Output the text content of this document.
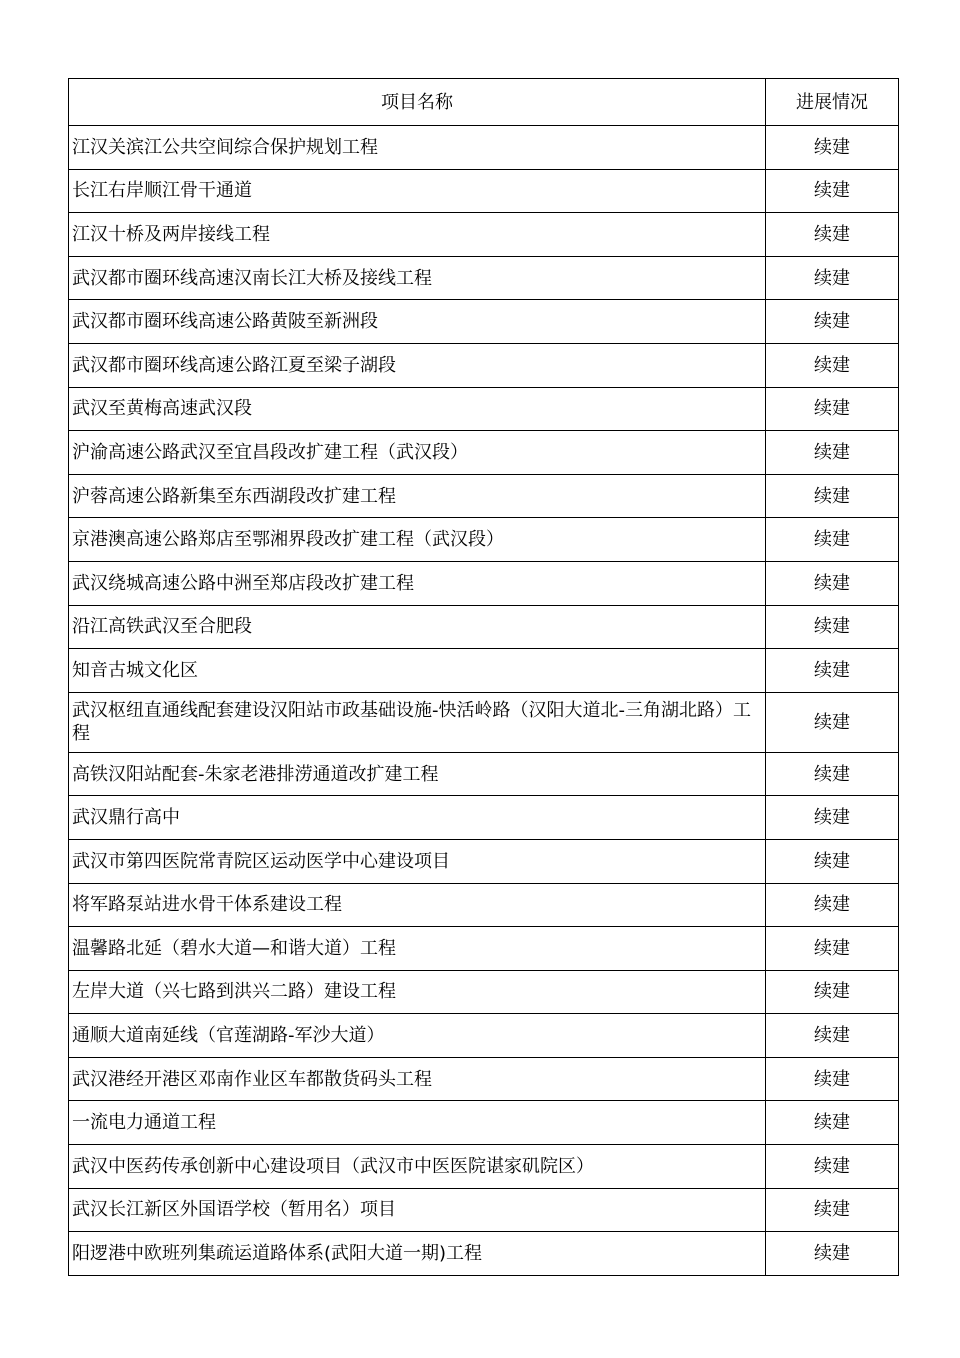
项目名称	进展情况
江汉关滨江公共空间综合保护规划工程	续建
长江右岸顺江骨干通道	续建
江汉十桥及两岸接线工程	续建
武汉都市圈环线高速汉南长江大桥及接线工程	续建
武汉都市圈环线高速公路黄陂至新洲段	续建
武汉都市圈环线高速公路江夏至梁子湖段	续建
武汉至黄梅高速武汉段	续建
沪渝高速公路武汉至宜昌段改扩建工程（武汉段）	续建
沪蓉高速公路新集至东西湖段改扩建工程	续建
京港澳高速公路郑店至鄂湘界段改扩建工程（武汉段）	续建
武汉绕城高速公路中洲至郑店段改扩建工程	续建
沿江高铁武汉至合肥段	续建
知音古城文化区	续建
武汉枢纽直通线配套建设汉阳站市政基础设施-快活岭路（汉阳大道北-三角湖北路）工程	续建
高铁汉阳站配套-朱家老港排涝通道改扩建工程	续建
武汉鼎行高中	续建
武汉市第四医院常青院区运动医学中心建设项目	续建
将军路泵站进水骨干体系建设工程	续建
温馨路北延（碧水大道—和谐大道）工程	续建
左岸大道（兴七路到洪兴二路）建设工程	续建
通顺大道南延线（官莲湖路-军沙大道）	续建
武汉港经开港区邓南作业区车都散货码头工程	续建
一流电力通道工程	续建
武汉中医药传承创新中心建设项目（武汉市中医医院谌家矶院区）	续建
武汉长江新区外国语学校（暂用名）项目	续建
阳逻港中欧班列集疏运道路体系(武阳大道一期)工程	续建
